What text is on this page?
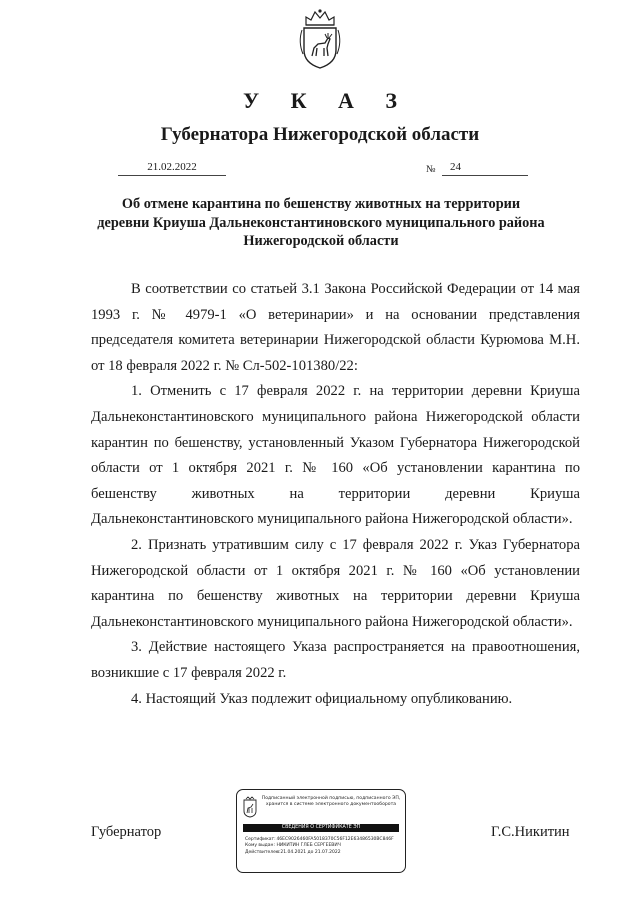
У К А З
Губернатора Нижегородской области
21.02.2022	№	24
Об отмене карантина по бешенству животных на территории деревни Криуша Дальнеконстантиновского муниципального района Нижегородской области

В соответствии со статьей 3.1 Закона Российской Федерации от 14 мая 1993 г. № 4979-1 «О ветеринарии» и на основании представления председателя комитета ветеринарии Нижегородской области Курюмова М.Н. от 18 февраля 2022 г. № Сл-502-101380/22:

1. Отменить с 17 февраля 2022 г. на территории деревни Криуша Дальнеконстантиновского муниципального района Нижегородской области карантин по бешенству, установленный Указом Губернатора Нижегородской области от 1 октября 2021 г. № 160 «Об установлении карантина по бешенству животных на территории деревни Криуша Дальнеконстантиновского муниципального района Нижегородской области».

2. Признать утратившим силу с 17 февраля 2022 г. Указ Губернатора Нижегородской области от 1 октября 2021 г. № 160 «Об установлении карантина по бешенству животных на территории деревни Криуша Дальнеконстантиновского муниципального района Нижегородской области».

3. Действие настоящего Указа распространяется на правоотношения, возникшие с 17 февраля 2022 г.

4. Настоящий Указ подлежит официальному опубликованию.

Губернатор	Г.С.Никитин
Подписанный электронной подписью, подписанного ЭП, хранится в системе электронного документооборота
СВЕДЕНИЯ О СЕРТИФИКАТЕ ЭП
Сертификат: 46EC9026460FA5018370C56F12E63486530BC846F
Кому выдан: НИКИТИН ГЛЕБ СЕРГЕЕВИЧ
Действителен: с 21.04.2021 до 21.07.2022
